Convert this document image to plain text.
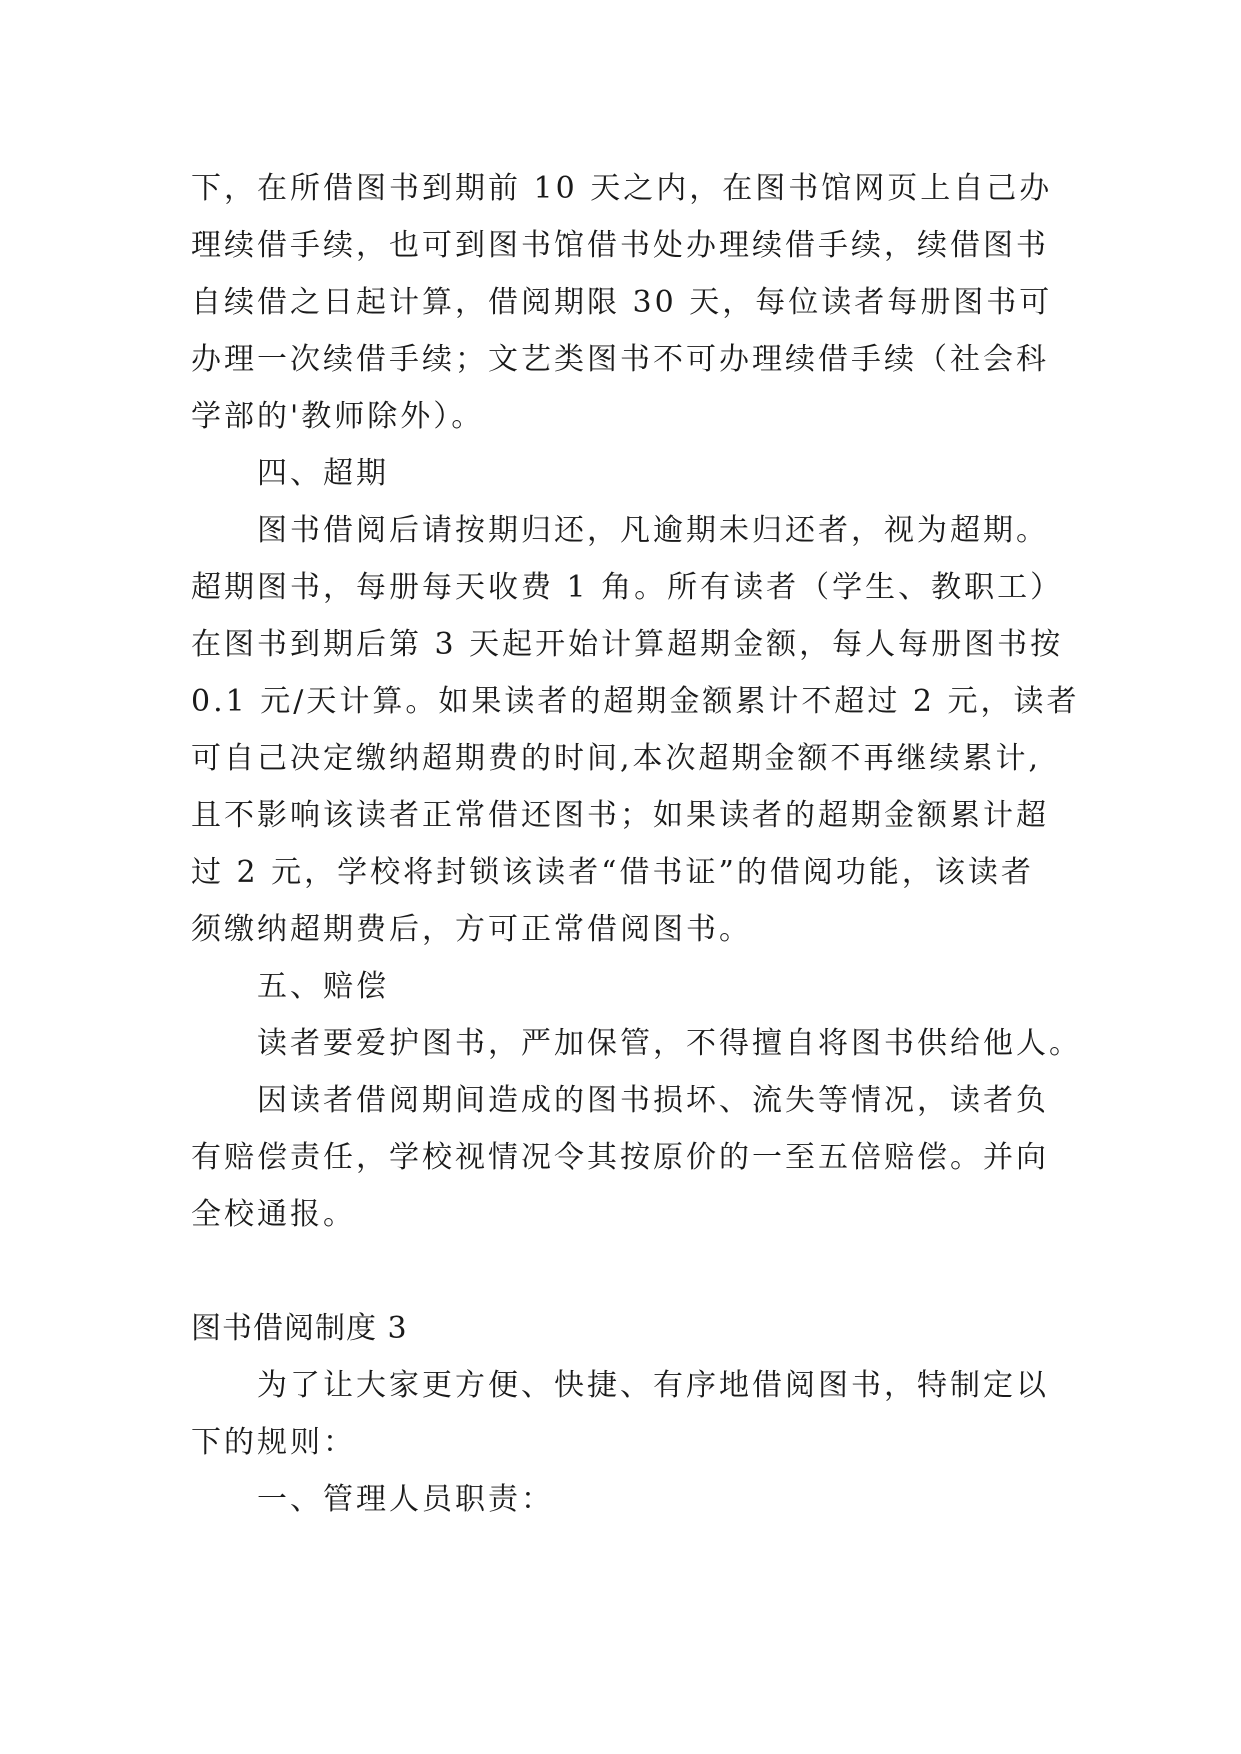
下，在所借图书到期前 10 天之内，在图书馆网页上自己办
理续借手续，也可到图书馆借书处办理续借手续，续借图书
自续借之日起计算，借阅期限 30 天，每位读者每册图书可
办理一次续借手续；文艺类图书不可办理续借手续（社会科
学部的'教师除外）。
四、超期
图书借阅后请按期归还，凡逾期未归还者，视为超期。
超期图书，每册每天收费 1 角。所有读者（学生、教职工）
在图书到期后第 3 天起开始计算超期金额，每人每册图书按
0.1 元/天计算。如果读者的超期金额累计不超过 2 元，读者
可自己决定缴纳超期费的时间,本次超期金额不再继续累计,
且不影响该读者正常借还图书；如果读者的超期金额累计超
过 2 元，学校将封锁该读者“借书证”的借阅功能，该读者
须缴纳超期费后，方可正常借阅图书。
五、赔偿
读者要爱护图书，严加保管，不得擅自将图书供给他人。
因读者借阅期间造成的图书损坏、流失等情况，读者负
有赔偿责任，学校视情况令其按原价的一至五倍赔偿。并向
全校通报。
图书借阅制度 3
为了让大家更方便、快捷、有序地借阅图书，特制定以
下的规则：
一、管理人员职责：
